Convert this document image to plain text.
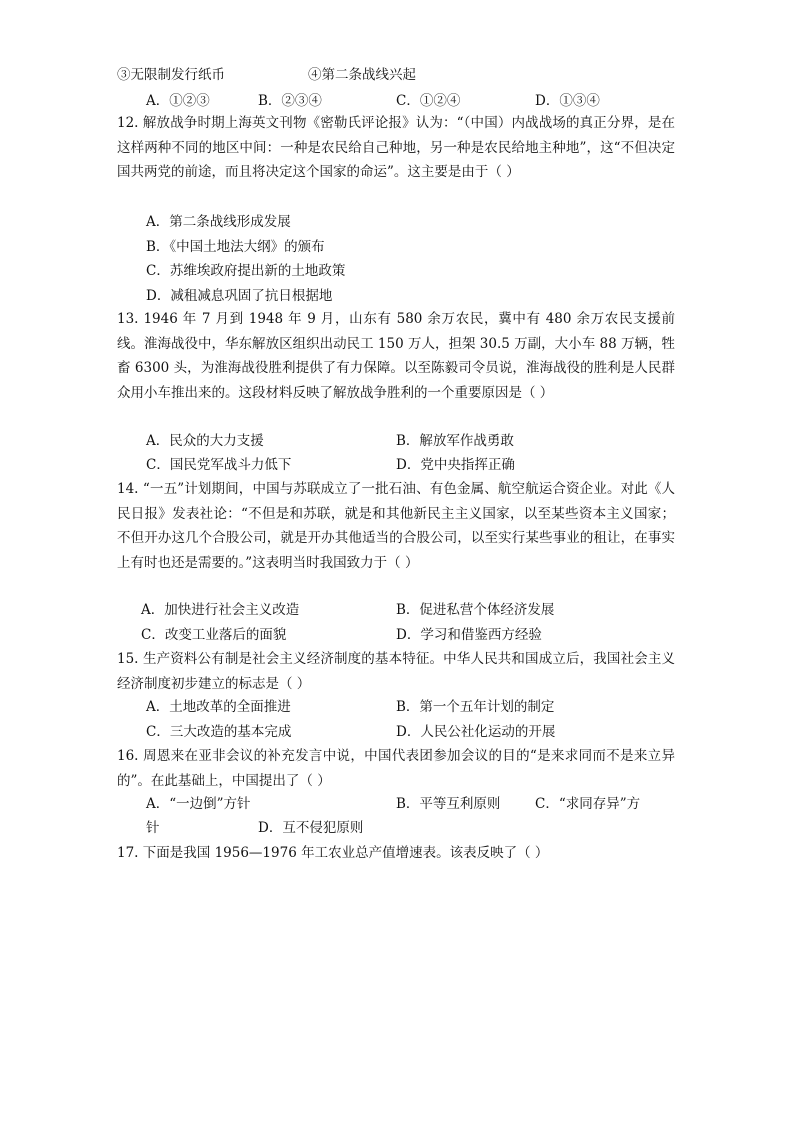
③无限制发行纸币	④第二条战线兴起
A．①②③	B．②③④	C．①②④	D．①③④
12. 解放战争时期上海英文刊物《密勒氏评论报》认为：“（中国）内战战场的真正分界，是在这样两种不同的地区中间：一种是农民给自己种地，另一种是农民给地主种地”，这“不但决定国共两党的前途，而且将决定这个国家的命运”。这主要是由于（ ）
A．第二条战线形成发展
B．《中国土地法大纲》的颁布
C．苏维埃政府提出新的土地政策
D．减租减息巩固了抗日根据地
13. 1946 年 7 月到 1948 年 9 月，山东有 580 余万农民，冀中有 480 余万农民支援前线。淮海战役中，华东解放区组织出动民工 150 万人，担架 30.5 万副，大小车 88 万辆，牲畜 6300 头，为淮海战役胜利提供了有力保障。以至陈毅司令员说，淮海战役的胜利是人民群众用小车推出来的。这段材料反映了解放战争胜利的一个重要原因是（ ）
A．民众的大力支援	B．解放军作战勇敢
C．国民党军战斗力低下	D．党中央指挥正确
14. “一五”计划期间，中国与苏联成立了一批石油、有色金属、航空航运合资企业。对此《人民日报》发表社论：“不但是和苏联，就是和其他新民主主义国家，以至某些资本主义国家；不但开办这几个合股公司，就是开办其他适当的合股公司，以至实行某些事业的租让，在事实上有时也还是需要的。”这表明当时我国致力于（ ）
A．加快进行社会主义改造	B．促进私营个体经济发展
C．改变工业落后的面貌	D．学习和借鉴西方经验
15. 生产资料公有制是社会主义经济制度的基本特征。中华人民共和国成立后，我国社会主义经济制度初步建立的标志是（ ）
A．土地改革的全面推进	B．第一个五年计划的制定
C．三大改造的基本完成	D．人民公社化运动的开展
16. 周恩来在亚非会议的补充发言中说，中国代表团参加会议的目的“是来求同而不是来立异的”。在此基础上，中国提出了（ ）
A．“一边倒”方针	B．平等互利原则	C．“求同存异”方
针	D．互不侵犯原则
17. 下面是我国 1956—1976 年工农业总产值增速表。该表反映了（ ）
